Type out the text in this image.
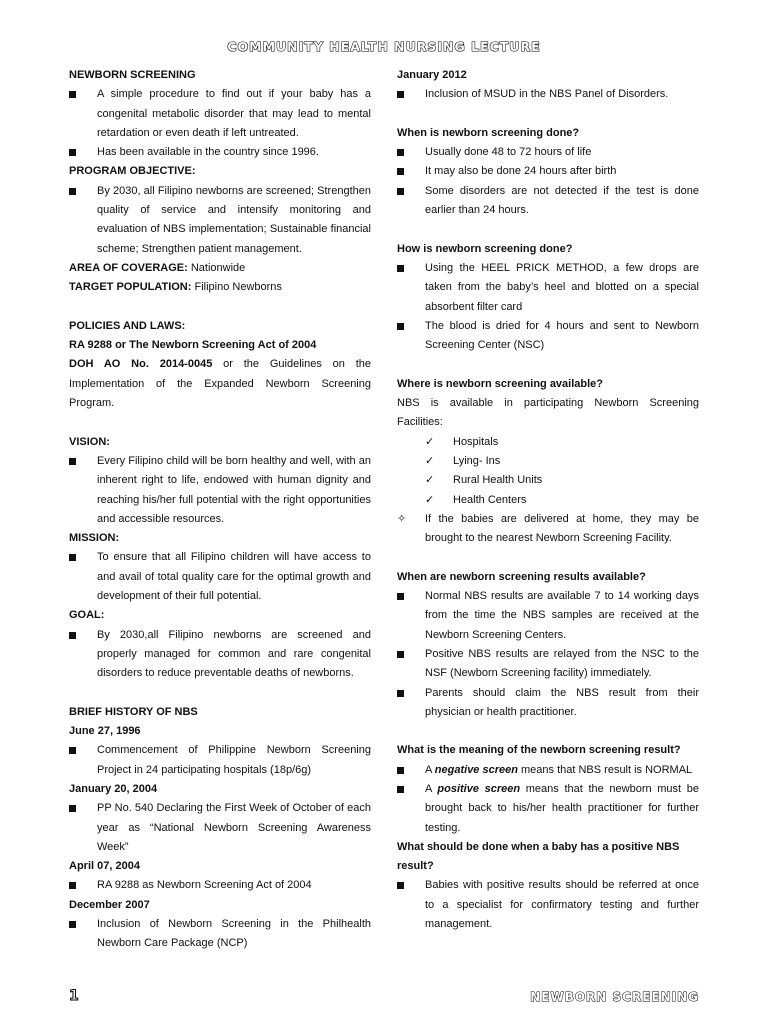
COMMUNITY HEALTH NURSING LECTURE

NEWBORN SCREENING

A simple procedure to find out if your baby has a congenital metabolic disorder that may lead to mental retardation or even death if left untreated.
Has been available in the country since 1996.

PROGRAM OBJECTIVE:

By 2030, all Filipino newborns are screened; Strengthen quality of service and intensify monitoring and evaluation of NBS implementation; Sustainable financial scheme; Strengthen patient management.

AREA OF COVERAGE: Nationwide

TARGET POPULATION: Filipino Newborns

POLICIES AND LAWS:

RA 9288 or The Newborn Screening Act of 2004

DOH AO No. 2014-0045 or the Guidelines on the Implementation of the Expanded Newborn Screening Program.

VISION:

Every Filipino child will be born healthy and well, with an inherent right to life, endowed with human dignity and reaching his/her full potential with the right opportunities and accessible resources.

MISSION:

To ensure that all Filipino children will have access to and avail of total quality care for the optimal growth and development of their full potential.

GOAL:

By 2030,all Filipino newborns are screened and properly managed for common and rare congenital disorders to reduce preventable deaths of newborns.

BRIEF HISTORY OF NBS

June 27, 1996

Commencement of Philippine Newborn Screening Project in 24 participating hospitals (18p/6g)

January 20, 2004

PP No. 540 Declaring the First Week of October of each year as “National Newborn Screening Awareness Week”

April 07, 2004

RA 9288 as Newborn Screening Act of 2004

December 2007

Inclusion of Newborn Screening in the Philhealth Newborn Care Package (NCP)

January 2012

Inclusion of MSUD in the NBS Panel of Disorders.

When is newborn screening done?

Usually done 48 to 72 hours of life
It may also be done 24 hours after birth
Some disorders are not detected if the test is done earlier than 24 hours.

How is newborn screening done?

Using the HEEL PRICK METHOD, a few drops are taken from the baby’s heel and blotted on a special absorbent filter card
The blood is dried for 4 hours and sent to Newborn Screening Center (NSC)

Where is newborn screening available?

NBS is available in participating Newborn Screening Facilities:

✓	Hospitals
✓	Lying- Ins
✓	Rural Health Units
✓	Health Centers
✧	If the babies are delivered at home, they may be brought to the nearest Newborn Screening Facility.

When are newborn screening results available?

Normal NBS results are available 7 to 14 working days from the time the NBS samples are received at the Newborn Screening Centers.
Positive NBS results are relayed from the NSC to the NSF (Newborn Screening facility) immediately.
Parents should claim the NBS result from their physician or health practitioner.

What is the meaning of the newborn screening result?

A negative screen means that NBS result is NORMAL
A positive screen means that the newborn must be brought back to his/her health practitioner for further testing.

What should be done when a baby has a positive NBS result?

Babies with positive results should be referred at once to a specialist for confirmatory testing and further management.
1	NEWBORN SCREENING
